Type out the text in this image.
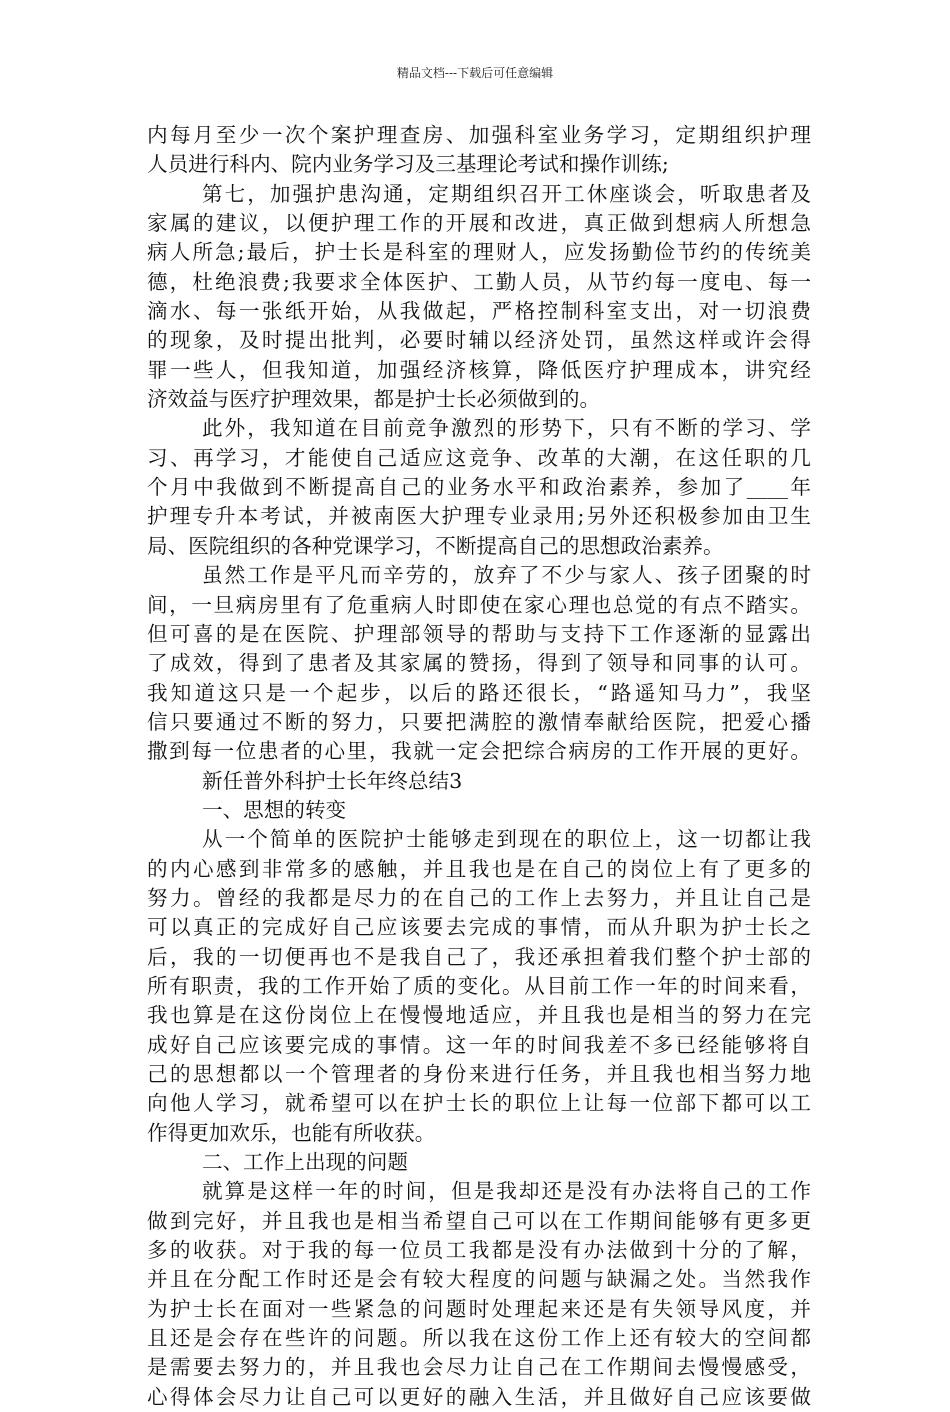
精品文档---下载后可任意编辑
内每月至少一次个案护理查房、加强科室业务学习，定期组织护理
人员进行科内、院内业务学习及三基理论考试和操作训练;
第七，加强护患沟通，定期组织召开工休座谈会，听取患者及
家属的建议，以便护理工作的开展和改进，真正做到想病人所想急
病人所急;最后，护士长是科室的理财人，应发扬勤俭节约的传统美
德，杜绝浪费;我要求全体医护、工勤人员，从节约每一度电、每一
滴水、每一张纸开始，从我做起，严格控制科室支出，对一切浪费
的现象，及时提出批判，必要时辅以经济处罚，虽然这样或许会得
罪一些人，但我知道，加强经济核算，降低医疗护理成本，讲究经
济效益与医疗护理效果，都是护士长必须做到的。
此外，我知道在目前竞争激烈的形势下，只有不断的学习、学
习、再学习，才能使自己适应这竞争、改革的大潮，在这任职的几
个月中我做到不断提高自己的业务水平和政治素养，参加了____年
护理专升本考试，并被南医大护理专业录用;另外还积极参加由卫生
局、医院组织的各种党课学习，不断提高自己的思想政治素养。
虽然工作是平凡而辛劳的，放弃了不少与家人、孩子团聚的时
间，一旦病房里有了危重病人时即使在家心理也总觉的有点不踏实。
但可喜的是在医院、护理部领导的帮助与支持下工作逐渐的显露出
了成效，得到了患者及其家属的赞扬，得到了领导和同事的认可。
我知道这只是一个起步，以后的路还很长，“路遥知马力”，我坚
信只要通过不断的努力，只要把满腔的激情奉献给医院，把爱心播
撒到每一位患者的心里，我就一定会把综合病房的工作开展的更好。
新任普外科护士长年终总结3
一、思想的转变
从一个简单的医院护士能够走到现在的职位上，这一切都让我
的内心感到非常多的感触，并且我也是在自己的岗位上有了更多的
努力。曾经的我都是尽力的在自己的工作上去努力，并且让自己是
可以真正的完成好自己应该要去完成的事情，而从升职为护士长之
后，我的一切便再也不是我自己了，我还承担着我们整个护士部的
所有职责，我的工作开始了质的变化。从目前工作一年的时间来看，
我也算是在这份岗位上在慢慢地适应，并且我也是相当的努力在完
成好自己应该要完成的事情。这一年的时间我差不多已经能够将自
己的思想都以一个管理者的身份来进行任务，并且我也相当努力地
向他人学习，就希望可以在护士长的职位上让每一位部下都可以工
作得更加欢乐，也能有所收获。
二、工作上出现的问题
就算是这样一年的时间，但是我却还是没有办法将自己的工作
做到完好，并且我也是相当希望自己可以在工作期间能够有更多更
多的收获。对于我的每一位员工我都是没有办法做到十分的了解，
并且在分配工作时还是会有较大程度的问题与缺漏之处。当然我作
为护士长在面对一些紧急的问题时处理起来还是有失领导风度，并
且还是会存在些许的问题。所以我在这份工作上还有较大的空间都
是需要去努力的，并且我也会尽力让自己在工作期间去慢慢感受，
心得体会尽力让自己可以更好的融入生活，并且做好自己应该要做
